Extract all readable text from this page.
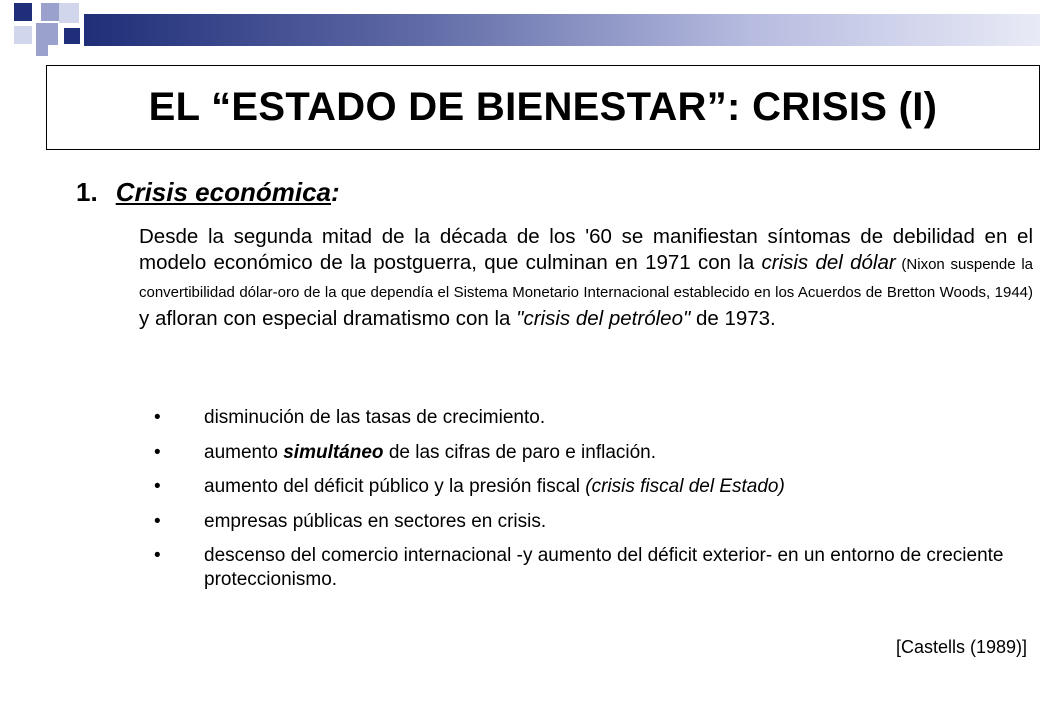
EL “ESTADO DE BIENESTAR”: CRISIS (I)
1. Crisis económica:
Desde la segunda mitad de la década de los '60 se manifiestan síntomas de debilidad en el modelo económico de la postguerra, que culminan en 1971 con la crisis del dólar (Nixon suspende la convertibilidad dólar-oro de la que dependía el Sistema Monetario Internacional establecido en los Acuerdos de Bretton Woods, 1944) y afloran con especial dramatismo con la "crisis del petróleo" de 1973.
• disminución de las tasas de crecimiento.
• aumento simultáneo de las cifras de paro e inflación.
• aumento del déficit público y la presión fiscal (crisis fiscal del Estado)
• empresas públicas en sectores en crisis.
• descenso del comercio internacional -y aumento del déficit exterior- en un entorno de creciente proteccionismo.
[Castells (1989)]
